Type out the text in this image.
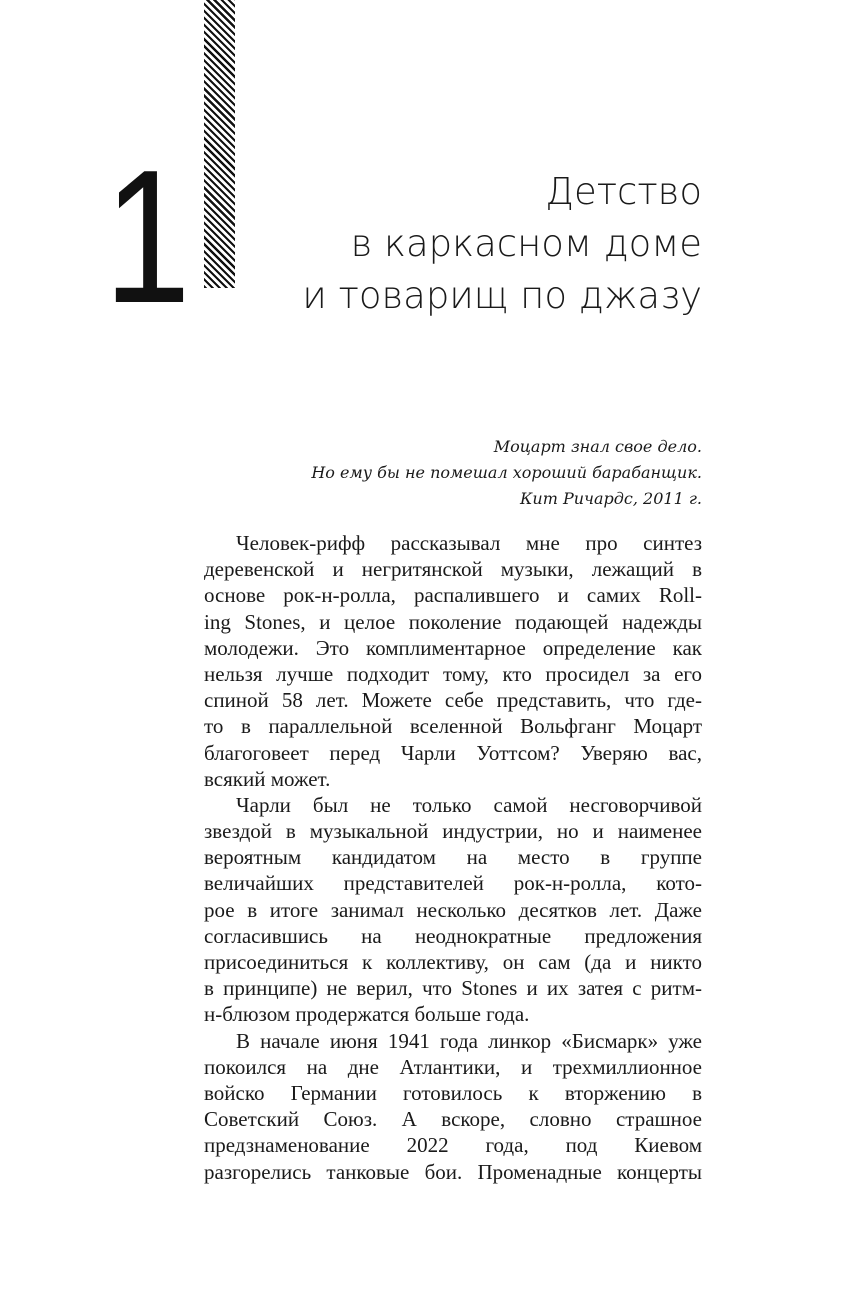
1	Детство
в каркасном доме
и товарищ по джазу
Моцарт знал свое дело.
Но ему бы не помешал хороший барабанщик.
Кит Ричардс, 2011 г.
Человек-рифф рассказывал мне про синтез
деревенской и негритянской музыки, лежащий в
основе рок-н-ролла, распалившего и самих Roll-
ing Stones, и целое поколение подающей надежды
молодежи. Это комплиментарное определение как
нельзя лучше подходит тому, кто просидел за его
спиной 58 лет. Можете себе представить, что где-
то в параллельной вселенной Вольфганг Моцарт
благоговеет перед Чарли Уоттсом? Уверяю вас,
всякий может.
Чарли был не только самой несговорчивой
звездой в музыкальной индустрии, но и наименее
вероятным кандидатом на место в группе
величайших представителей рок-н-ролла, кото-
рое в итоге занимал несколько десятков лет. Даже
согласившись на неоднократные предложения
присоединиться к коллективу, он сам (да и никто
в принципе) не верил, что Stones и их затея с ритм-
н-блюзом продержатся больше года.
В начале июня 1941 года линкор «Бисмарк» уже
покоился на дне Атлантики, и трехмиллионное
войско Германии готовилось к вторжению в
Советский Союз. А вскоре, словно страшное
предзнаменование 2022 года, под Киевом
разгорелись танковые бои. Променадные концерты
